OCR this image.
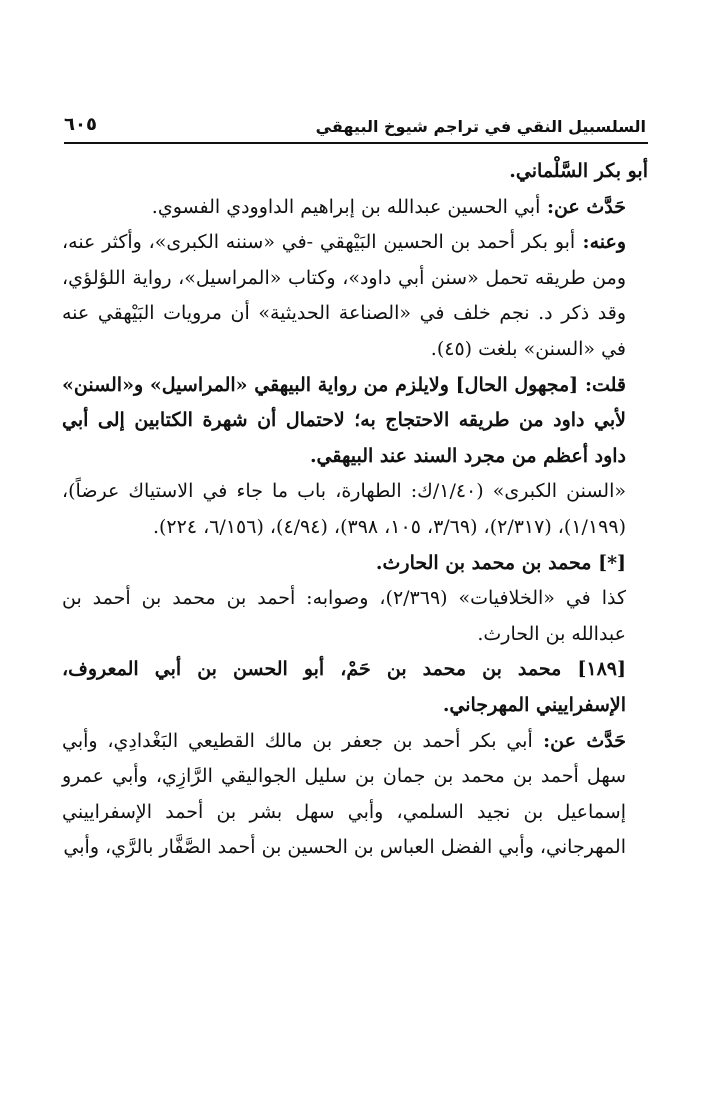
السلسبيل النقي في تراجم شيوخ البيهقي
٦٠٥

أبو بكر السَّلْماني.

حَدَّث عن: أبي الحسين عبدالله بن إبراهيم الداوودي الفسوي.

وعنه: أبو بكر أحمد بن الحسين البَيْهقي -في «سننه الكبرى»، وأكثر عنه، ومن طريقه تحمل «سنن أبي داود»، وكتاب «المراسيل»، رواية اللؤلؤي، وقد ذكر د. نجم خلف في «الصناعة الحديثية» أن مرويات البَيْهقي عنه في «السنن» بلغت (٤٥).

قلت: [مجهول الحال] ولايلزم من رواية البيهقي «المراسيل» و«السنن» لأبي داود من طريقه الاحتجاج به؛ لاحتمال أن شهرة الكتابين إلى أبي داود أعظم من مجرد السند عند البيهقي.

«السنن الكبرى» (١/٤٠/ك: الطهارة، باب ما جاء في الاستياك عرضاً)، (١/١٩٩)، (٢/٣١٧)، (٣/٦٩، ١٠٥، ٣٩٨)، (٤/٩٤)، (٦/١٥٦، ٢٢٤).

[*] محمد بن محمد بن الحارث.

كذا في «الخلافيات» (٢/٣٦٩)، وصوابه: أحمد بن محمد بن أحمد بن عبدالله بن الحارث.

[١٨٩] محمد بن محمد بن حَمْ، أبو الحسن بن أبي المعروف، الإسفراييني المهرجاني.

حَدَّث عن: أبي بكر أحمد بن جعفر بن مالك القطيعي البَغْدادِي، وأبي سهل أحمد بن محمد بن جمان بن سليل الجواليقي الرَّازِي، وأبي عمرو إسماعيل بن نجيد السلمي، وأبي سهل بشر بن أحمد الإسفراييني المهرجاني، وأبي الفضل العباس بن الحسين بن أحمد الصَّفَّار بالرَّي، وأبي
